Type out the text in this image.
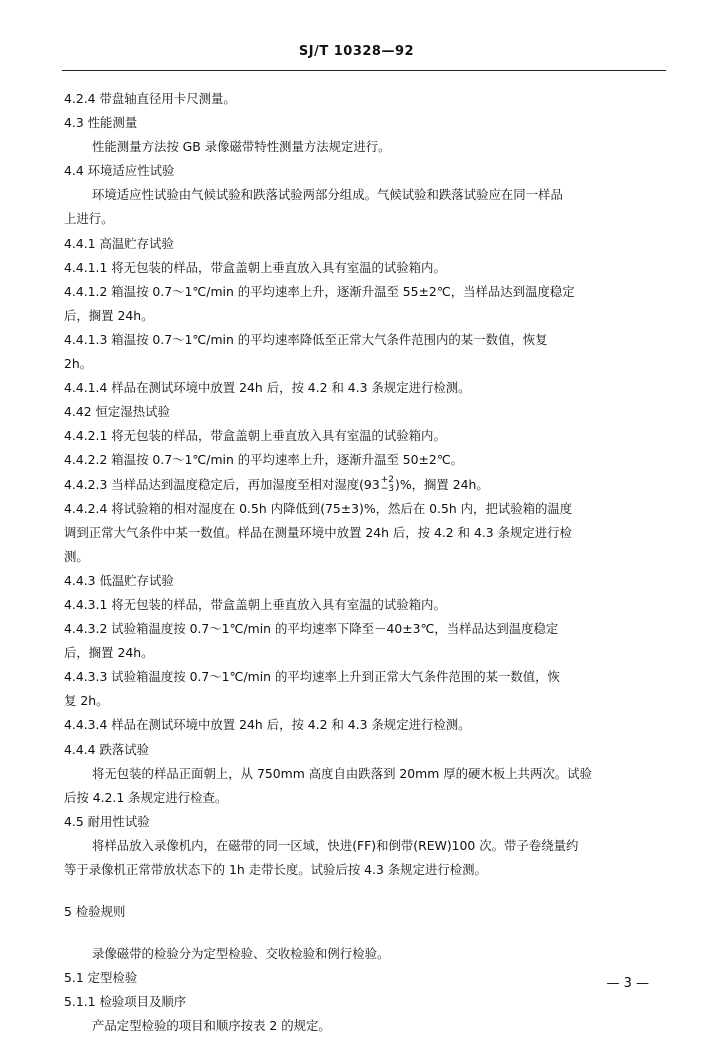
SJ/T 10328—92
4.2.4 带盘轴直径用卡尺测量。
4.3 性能测量
性能测量方法按 GB 录像磁带特性测量方法规定进行。
4.4 环境适应性试验
环境适应性试验由气候试验和跌落试验两部分组成。气候试验和跌落试验应在同一样品
上进行。
4.4.1 高温贮存试验
4.4.1.1 将无包装的样品，带盒盖朝上垂直放入具有室温的试验箱内。
4.4.1.2 箱温按 0.7～1℃/min 的平均速率上升，逐渐升温至 55±2℃，当样品达到温度稳定
后，搁置 24h。
4.4.1.3 箱温按 0.7～1℃/min 的平均速率降低至正常大气条件范围内的某一数值，恢复
2h。
4.4.1.4 样品在测试环境中放置 24h 后，按 4.2 和 4.3 条规定进行检测。
4.42 恒定湿热试验
4.4.2.1 将无包装的样品，带盒盖朝上垂直放入具有室温的试验箱内。
4.4.2.2 箱温按 0.7～1℃/min 的平均速率上升，逐渐升温至 50±2℃。
4.4.2.3 当样品达到温度稳定后，再加湿度至相对湿度(93 +2
−3 )%，搁置 24h。
4.4.2.4 将试验箱的相对湿度在 0.5h 内降低到(75±3)%，然后在 0.5h 内，把试验箱的温度
调到正常大气条件中某一数值。样品在测量环境中放置 24h 后，按 4.2 和 4.3 条规定进行检
测。
4.4.3 低温贮存试验
4.4.3.1 将无包装的样品，带盒盖朝上垂直放入具有室温的试验箱内。
4.4.3.2 试验箱温度按 0.7～1℃/min 的平均速率下降至－40±3℃，当样品达到温度稳定
后，搁置 24h。
4.4.3.3 试验箱温度按 0.7～1℃/min 的平均速率上升到正常大气条件范围的某一数值，恢
复 2h。
4.4.3.4 样品在测试环境中放置 24h 后，按 4.2 和 4.3 条规定进行检测。
4.4.4 跌落试验
将无包装的样品正面朝上，从 750mm 高度自由跌落到 20mm 厚的硬木板上共两次。试验
后按 4.2.1 条规定进行检查。
4.5 耐用性试验
将样品放入录像机内，在磁带的同一区域，快进(FF)和倒带(REW)100 次。带子卷绕量约
等于录像机正常带放状态下的 1h 走带长度。试验后按 4.3 条规定进行检测。
5 检验规则
录像磁带的检验分为定型检验、交收检验和例行检验。
5.1 定型检验
5.1.1 检验项目及顺序
产品定型检验的项目和顺序按表 2 的规定。
— 3 —
